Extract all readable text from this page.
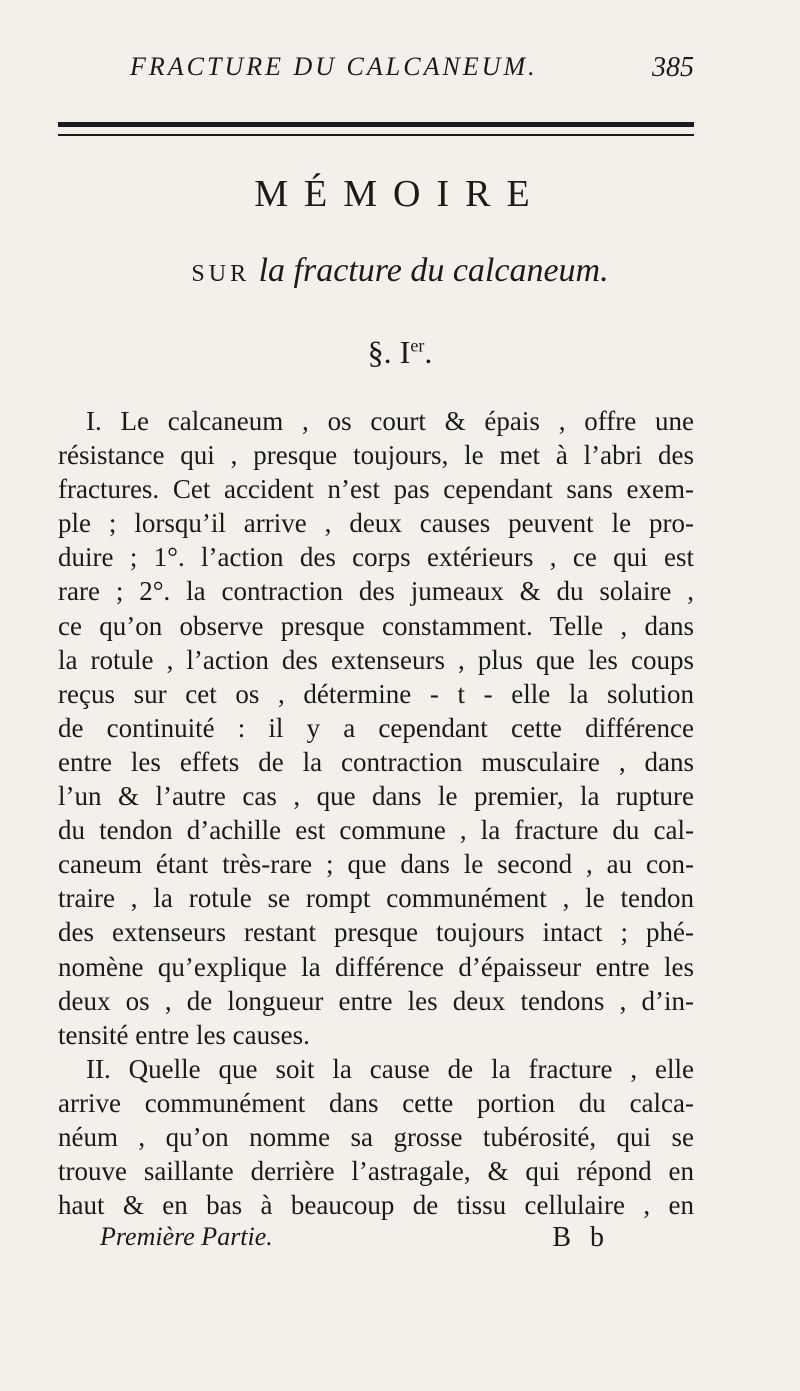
FRACTURE DU CALCANEUM.	385
MÉMOIRE
SUR la fracture du calcaneum.
§. Ier.
I. Le calcaneum , os court & épais , offre une
résistance qui , presque toujours, le met à l’abri des
fractures. Cet accident n’est pas cependant sans exem-
ple ; lorsqu’il arrive , deux causes peuvent le pro-
duire ; 1°. l’action des corps extérieurs , ce qui est
rare ; 2°. la contraction des jumeaux & du solaire ,
ce qu’on observe presque constamment. Telle , dans
la rotule , l’action des extenseurs , plus que les coups
reçus sur cet os , détermine - t - elle la solution
de continuité : il y a cependant cette différence
entre les effets de la contraction musculaire , dans
l’un & l’autre cas , que dans le premier, la rupture
du tendon d’achille est commune , la fracture du cal-
caneum étant très-rare ; que dans le second , au con-
traire , la rotule se rompt communément , le tendon
des extenseurs restant presque toujours intact ; phé-
nomène qu’explique la différence d’épaisseur entre les
deux os , de longueur entre les deux tendons , d’in-
tensité entre les causes.
II. Quelle que soit la cause de la fracture , elle
arrive communément dans cette portion du calca-
néum , qu’on nomme sa grosse tubérosité, qui se
trouve saillante derrière l’astragale, & qui répond en
haut & en bas à beaucoup de tissu cellulaire , en
Première Partie.	B b
